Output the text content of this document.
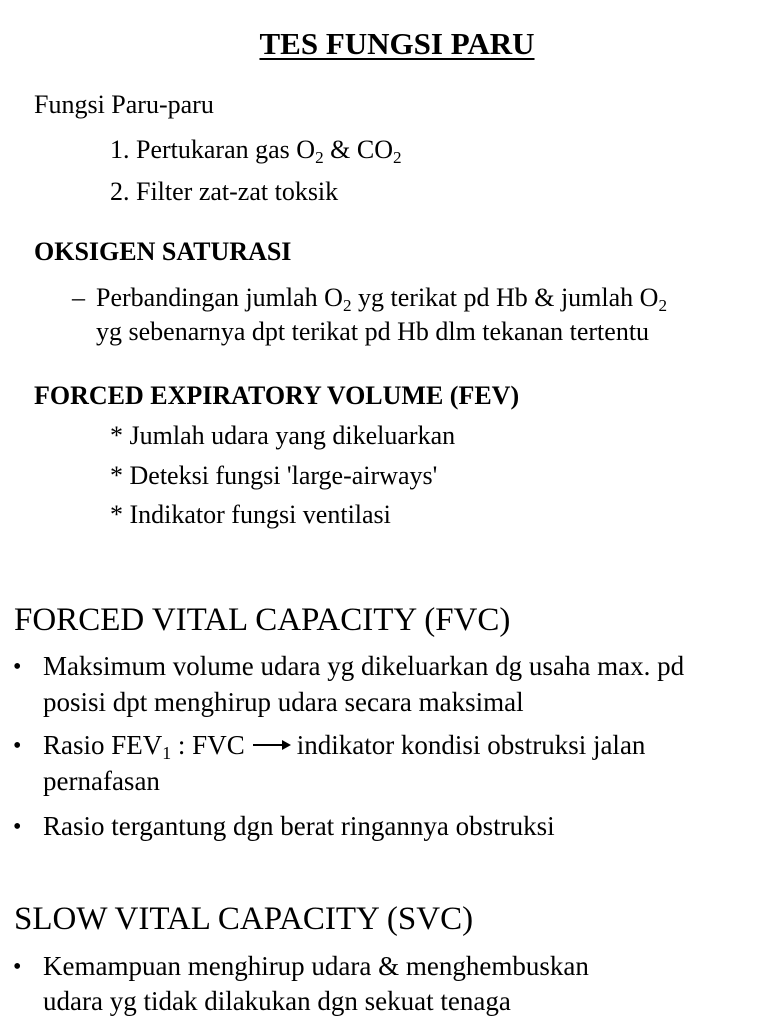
TES FUNGSI PARU
Fungsi Paru-paru
1. Pertukaran gas $O_2$ & $CO_2$
2. Filter zat-zat toksik
OKSIGEN SATURASI
– Perbandingan jumlah $O_2$ yg terikat pd Hb & jumlah $O_2$
yg sebenarnya dpt terikat pd Hb dlm tekanan tertentu
FORCED EXPIRATORY VOLUME (FEV)
* Jumlah udara yang dikeluarkan
* Deteksi fungsi 'large-airways'
* Indikator fungsi ventilasi
FORCED VITAL CAPACITY (FVC)
• Maksimum volume udara yg dikeluarkan dg usaha max. pd
posisi dpt menghirup udara secara maksimal
• Rasio $FEV_1$ : FVC indikator kondisi obstruksi jalan
pernafasan
• Rasio tergantung dgn berat ringannya obstruksi
SLOW VITAL CAPACITY (SVC)
• Kemampuan menghirup udara & menghembuskan
udara yg tidak dilakukan dgn sekuat tenaga
